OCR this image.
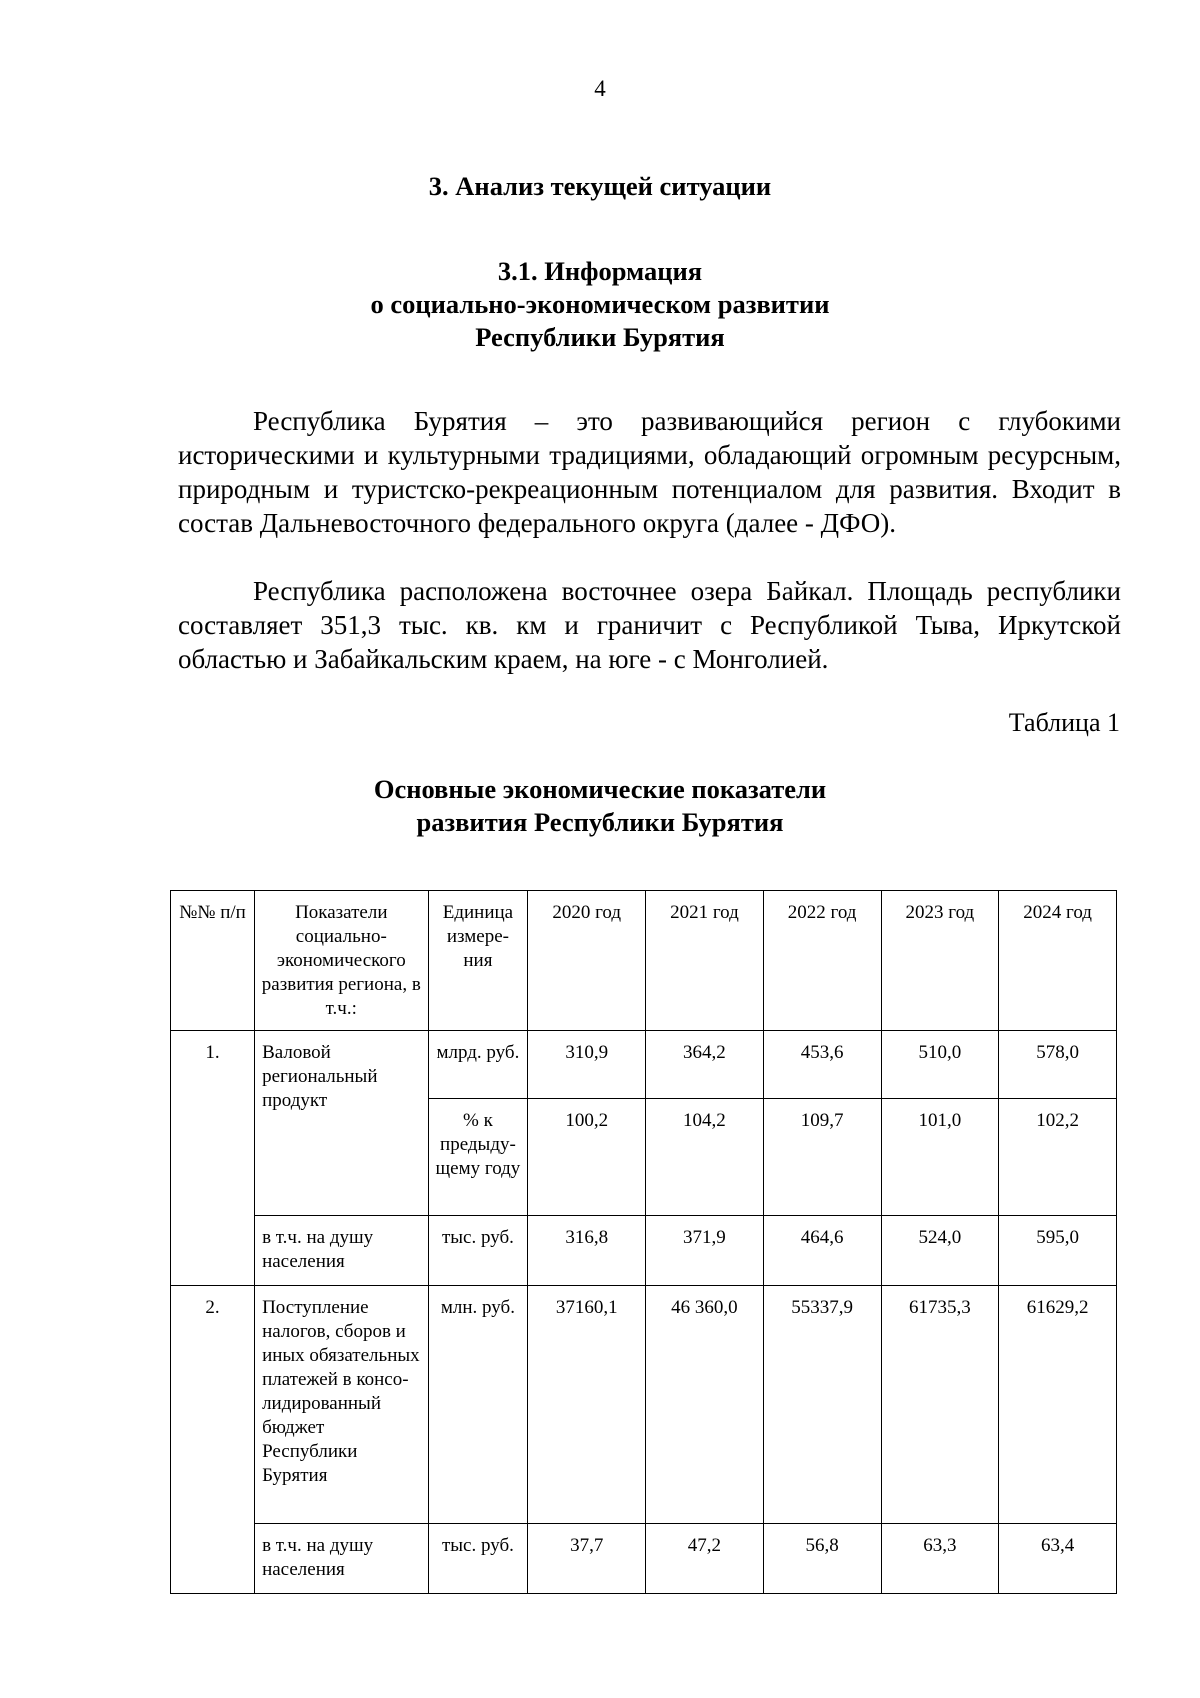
4
3. Анализ текущей ситуации
3.1. Информация
о социально-экономическом развитии
Республики Бурятия

Республика Бурятия – это развивающийся регион с глубокими историческими и культурными традициями, обладающий огромным ресурсным, природным и туристско-рекреационным потенциалом для развития. Входит в состав Дальневосточного федерального округа (далее - ДФО).

Республика расположена восточнее озера Байкал. Площадь республики составляет 351,3 тыс. кв. км и граничит с Республикой Тыва, Иркутской областью и Забайкальским краем, на юге - с Монголией.

Таблица 1
Основные экономические показатели
развития Республики Бурятия
№№ п/п	Показатели социально-экономического развития региона, в т.ч.:	Единица измере-ния	2020 год	2021 год	2022 год	2023 год	2024 год
1.	Валовой региональный продукт	млрд. руб.	310,9	364,2	453,6	510,0	578,0
		% к предыду-щему году	100,2	104,2	109,7	101,0	102,2
	в т.ч. на душу населения	тыс. руб.	316,8	371,9	464,6	524,0	595,0
2.	Поступление налогов, сборов и иных обязательных платежей в консо-лидированный бюджет Республики Бурятия	млн. руб.	37160,1	46 360,0	55337,9	61735,3	61629,2
	в т.ч. на душу населения	тыс. руб.	37,7	47,2	56,8	63,3	63,4
